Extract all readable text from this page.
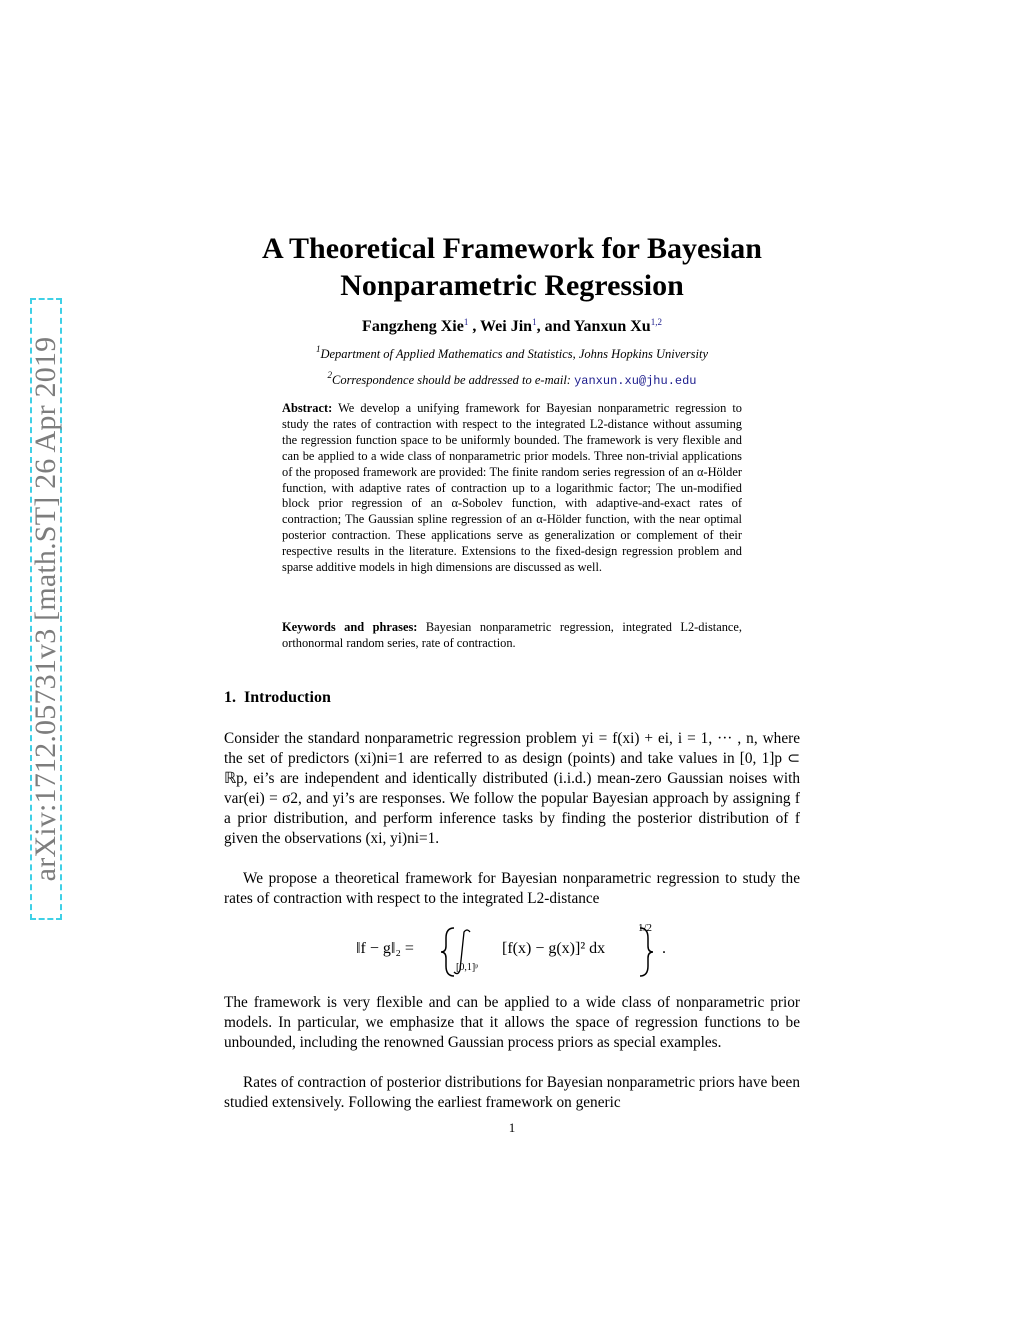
arXiv:1712.05731v3 [math.ST] 26 Apr 2019
A Theoretical Framework for Bayesian
Nonparametric Regression
Fangzheng Xie$^1$ , Wei Jin$^1$, and Yanxun Xu$^{1,2}$
$^1$Department of Applied Mathematics and Statistics, Johns Hopkins University
$^2$Correspondence should be addressed to e-mail: yanxun.xu@jhu.edu
Abstract: We develop a unifying framework for Bayesian nonparametric regression to study the rates of contraction with respect to the integrated L2-distance without assuming the regression function space to be uniformly bounded. The framework is very flexible and can be applied to a wide class of nonparametric prior models. Three non-trivial applications of the proposed framework are provided: The finite random series regression of an α-Hölder function, with adaptive rates of contraction up to a logarithmic factor; The un-modified block prior regression of an α-Sobolev function, with adaptive-and-exact rates of contraction; The Gaussian spline regression of an α-Hölder function, with the near optimal posterior contraction. These applications serve as generalization or complement of their respective results in the literature. Extensions to the fixed-design regression problem and sparse additive models in high dimensions are discussed as well.
Keywords and phrases: Bayesian nonparametric regression, integrated L2-distance, orthonormal random series, rate of contraction.
1. Introduction
Consider the standard nonparametric regression problem yi = f(xi) + ei, i = 1, ··· , n, where the set of predictors (xi)ni=1 are referred to as design (points) and take values in [0, 1]p ⊂ ℝp, ei’s are independent and identically distributed (i.i.d.) mean-zero Gaussian noises with var(ei) = σ2, and yi’s are responses. We follow the popular Bayesian approach by assigning f a prior distribution, and perform inference tasks by finding the posterior distribution of f given the observations (xi, yi)ni=1.
We propose a theoretical framework for Bayesian nonparametric regression to study the rates of contraction with respect to the integrated L2-distance
‖f − g‖₂ =
[0,1]ᵖ
[f(x) − g(x)]² dx
1/2
.
The framework is very flexible and can be applied to a wide class of nonparametric prior models. In particular, we emphasize that it allows the space of regression functions to be unbounded, including the renowned Gaussian process priors as special examples.
Rates of contraction of posterior distributions for Bayesian nonparametric priors have been studied extensively. Following the earliest framework on generic
1
